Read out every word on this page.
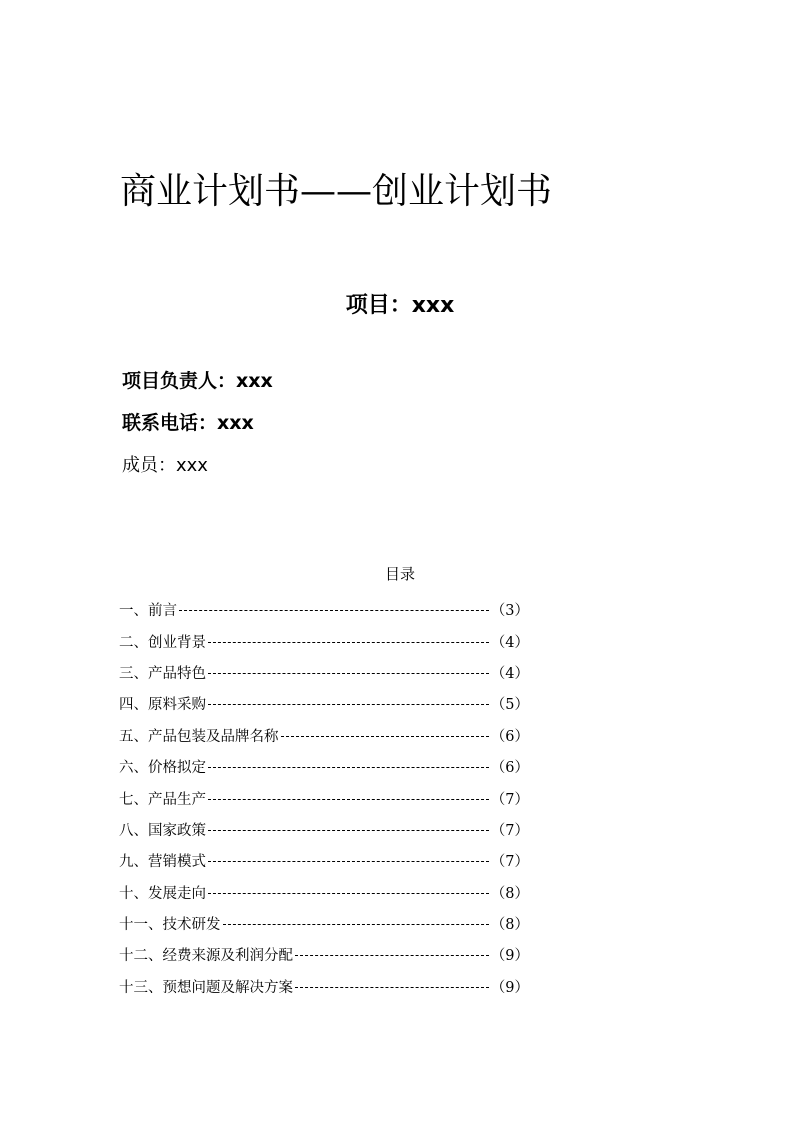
商业计划书——创业计划书
项目：xxx
项目负责人：xxx
联系电话：xxx
成员：xxx
目录
一、前言	（3）
二、创业背景	（4）
三、产品特色	（4）
四、原料采购	（5）
五、产品包装及品牌名称	（6）
六、价格拟定	（6）
七、产品生产	（7）
八、国家政策	（7）
九、营销模式	（7）
十、发展走向	（8）
十一、技术研发	（8）
十二、经费来源及利润分配	（9）
十三、预想问题及解决方案	（9）
